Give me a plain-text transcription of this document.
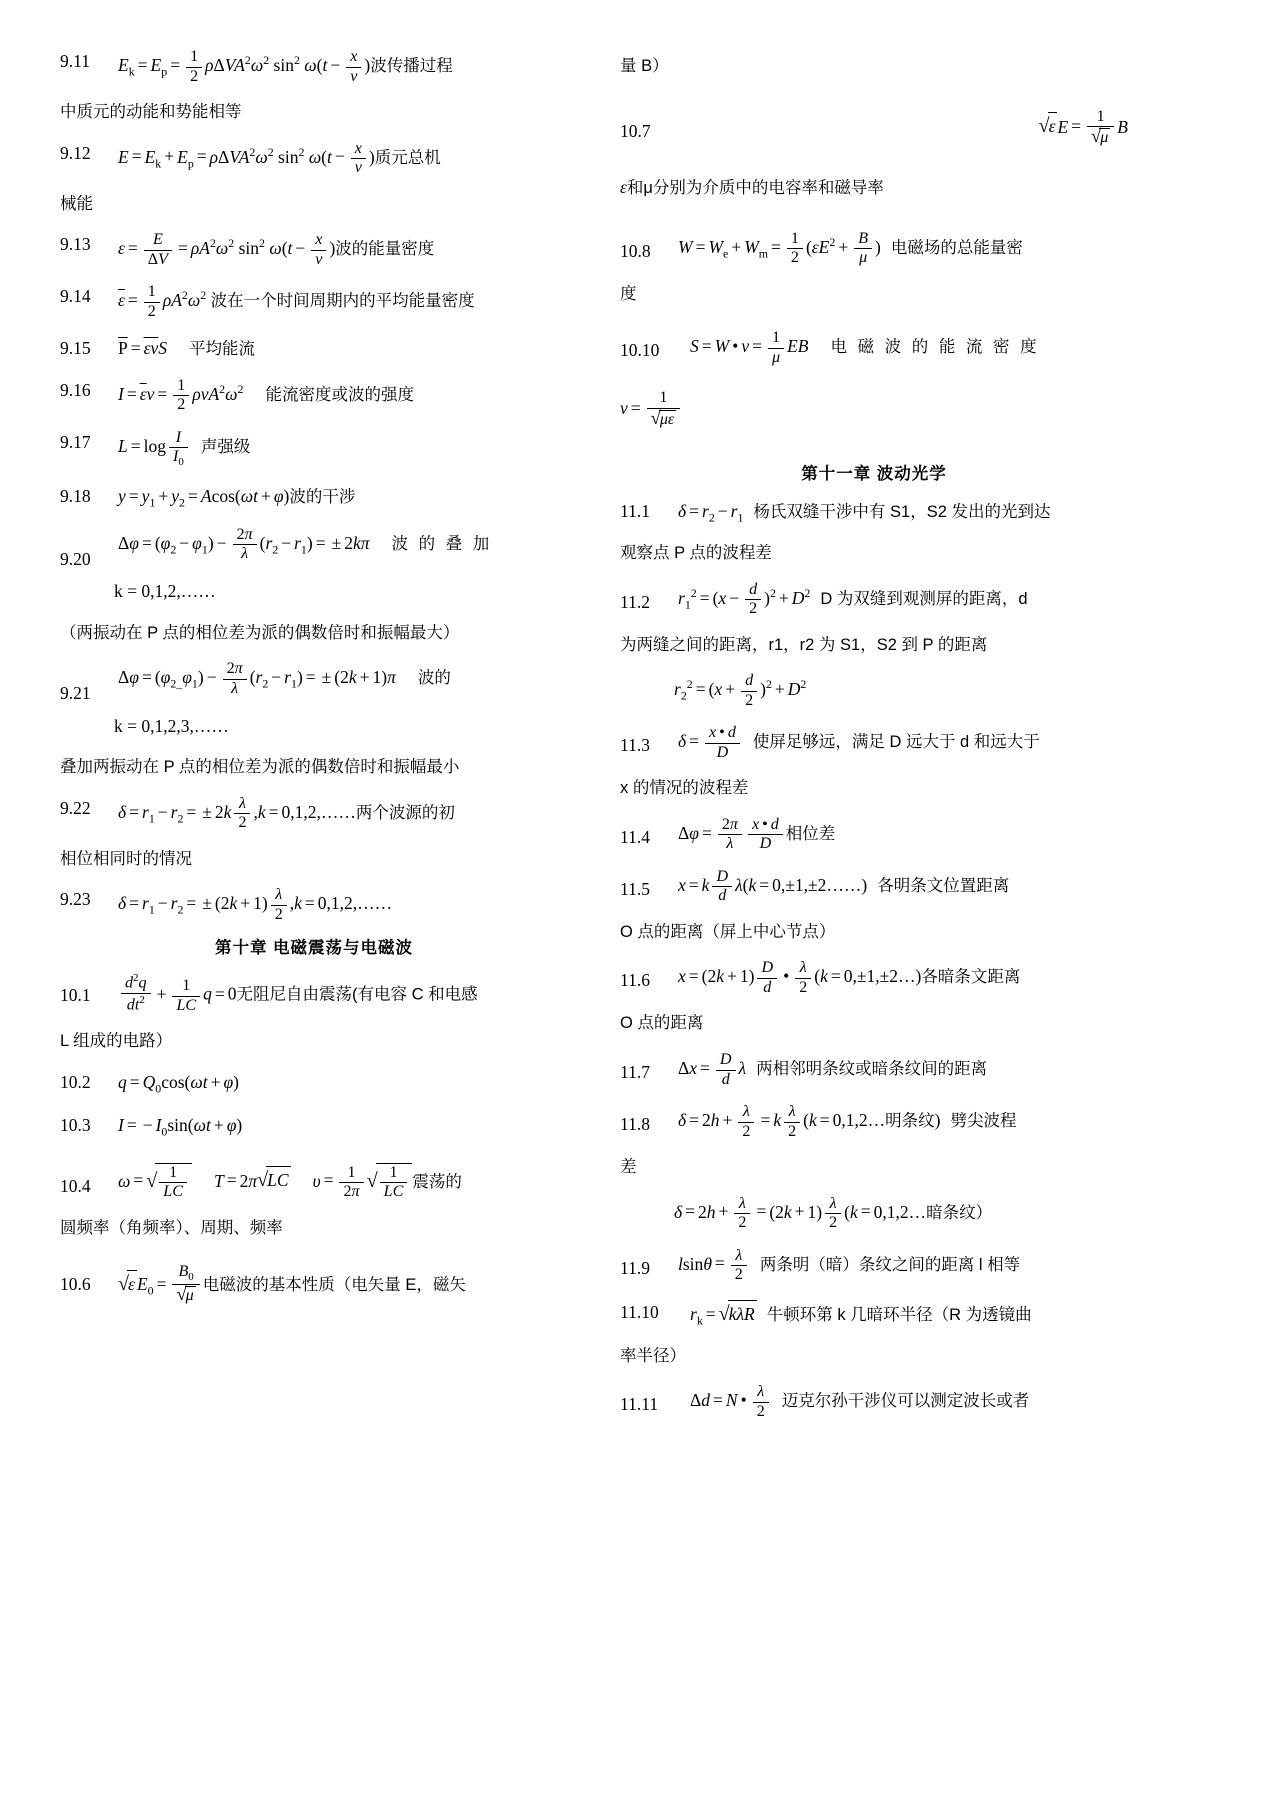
9.11	$E_k = E_p = \frac{1}{2} \rho\Delta VA^2\omega^2$ $\sin^2 \omega(t - \frac{x}{v}$ )波传播过程
中质元的动能和势能相等
9.12	$E = E_k + E_p = \rho\Delta VA^2\omega^2$ $\sin^2 \omega(t - \frac{x}{v}$ )质元总机
械能
9.13	$\varepsilon = \frac{E}{\Delta V} = \rho A^2\omega^2$ $\sin^2 \omega(t - \frac{x}{v}$ )波的能量密度
9.14	$\overline{\varepsilon} = \frac{1}{2} \rho A^2\omega^2$ 波在一个时间周期内的平均能量密度
9.15	$\overline{P} = \varepsilon vS$ 平均能流
9.16	$I = \overline{\varepsilon}v = \frac{1}{2} \rho vA^2\omega^2$ 能流密度或波的强度
9.17	$L = \log \frac{I}{I_0}$ 声强级
9.18	$y = y_1 + y_2 = Acos(\omega t + \varphi)$波的干涉
9.20
$\Delta\varphi = (\varphi_2 - \varphi_1) - \frac{2\pi}{\lambda} (r_2 - r_1)$ = ± 2kπ 波 的 叠 加
k = 0,1,2,……
（两振动在 P 点的相位差为派的偶数倍时和振幅最大）
9.21
$\Delta\varphi = (\varphi_{2\_}\varphi_1) - \frac{2\pi}{\lambda} (r_2 - r_1)$ = ± (2k + 1)π 波的
k = 0,1,2,3,……
叠加两振动在 P 点的相位差为派的偶数倍时和振幅最小
9.22	$\delta = r_1 - r_2$ = ± $2k \frac{\lambda}{2} ,k$ = 0,1,2,……两个波源的初
相位相同时的情况
9.23	$\delta = r_1 - r_2$ = ± $(2k + 1) \frac{\lambda}{2} ,k$ = 0,1,2,……
第十章 电磁震荡与电磁波
10.1	$\frac{d^2q}{dt^2} + \frac{1}{LC}$ q = 0无阻尼自由震荡(有电容 C 和电感
L 组成的电路）
10.2	$q = Q_0\cos(\omega t + \varphi)$
10.3	I = − $I_0\sin(\omega t + \varphi)$
10.4	ω = √ $\frac{1}{LC}$ T = 2π√LC $\upsilon = \frac{1}{2\pi}$ √ $\frac{1}{LC}$ 震荡的
圆频率（角频率）、周期、频率
10.6	√ε $E_0 = \frac{B_0}{√\mu}$ 电磁波的基本性质（电矢量 E，磁矢
量 B）
10.7	√ε $E = \frac{1}{√\mu}$ B
ε和μ分别为介质中的电容率和磁导率
10.8	$W = W_e + W_m = \frac{1}{2} (\varepsilon E^2 + \frac{B}{\mu}$ ) 电磁场的总能量密
度
10.10	S = W • $v = \frac{1}{\mu}$ EB 电 磁 波 的 能 流 密 度
$v = \frac{1}{√\mu\varepsilon}$
第十一章 波动光学
11.1	$\delta = r_2 - r_1$ 杨氏双缝干涉中有 S1，S2 发出的光到达
观察点 P 点的波程差
11.2	$r_1^2 = (x - \frac{d}{2} )^2 + D^2$ D 为双缝到观测屏的距离，d
为两缝之间的距离，r1，r2 为 S1，S2 到 P 的距离
$r_2^2 = (x + \frac{d}{2} )^2 + D^2$
11.3	$\delta = \frac{x • d}{D}$ 使屏足够远，满足 D 远大于 d 和远大于
x 的情况的波程差
11.4	$\Delta\varphi = \frac{2\pi}{\lambda} \frac{x • d}{D}$ 相位差
11.5	x = k $\frac{D}{d} \lambda(k$ = 0,±1,±2……) 各明条文位置距离
O 点的距离（屏上中心节点）
11.6	$x = (2k + 1) \frac{D}{d}$ • $\frac{\lambda}{2} (k$ = 0,±1,±2…)各暗条文距离
O 点的距离
11.7	$\Delta x = \frac{D}{d}$ λ 两相邻明条纹或暗条纹间的距离
11.8	$\delta = 2h + \frac{\lambda}{2} = k \frac{\lambda}{2} (k$ = 0,1,2…明条纹) 劈尖波程
差
$\delta = 2h + \frac{\lambda}{2} = (2k + 1) \frac{\lambda}{2} (k$ = 0,1,2…暗条纹）
11.9	$lsin\theta = \frac{\lambda}{2}$ 两条明（暗）条纹之间的距离 l 相等
11.10	$r_k = √k\lambda R$ 牛顿环第 k 几暗环半径（R 为透镜曲
率半径）
11.11	Δd = N • $\frac{\lambda}{2}$ 迈克尔孙干涉仪可以测定波长或者
